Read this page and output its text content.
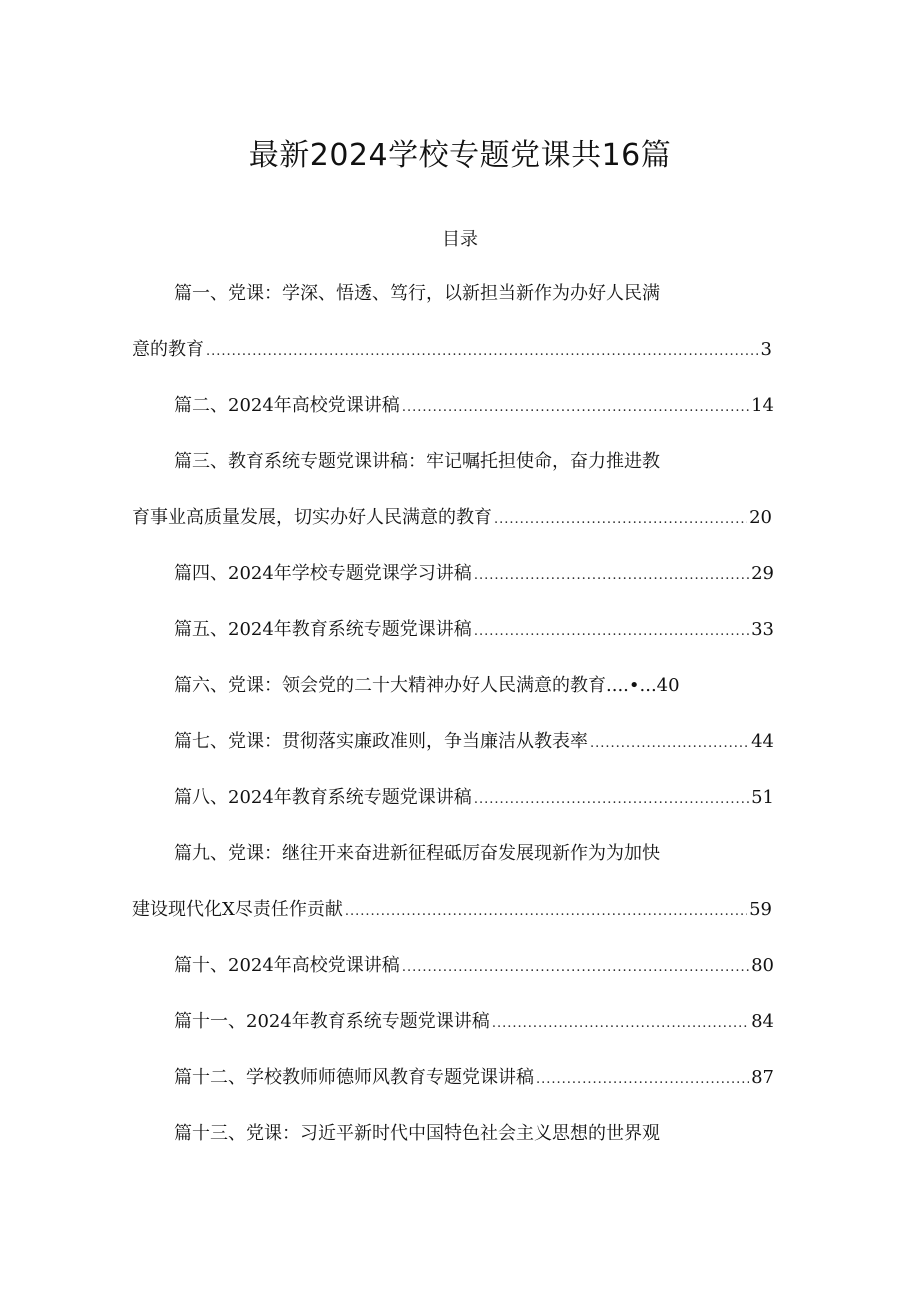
最新2024学校专题党课共16篇
目录
篇一、党课：学深、悟透、笃行，以新担当新作为办好人民满
意的教育 .....	3
篇二、2024年高校党课讲稿 .....	14
篇三、教育系统专题党课讲稿：牢记嘱托担使命，奋力推进教
育事业高质量发展，切实办好人民满意的教育 .....	20
篇四、2024年学校专题党课学习讲稿 .....	29
篇五、2024年教育系统专题党课讲稿 .....	33
篇六、党课：领会党的二十大精神办好人民满意的教育....•...40
篇七、党课：贯彻落实廉政准则，争当廉洁从教表率 .....	44
篇八、2024年教育系统专题党课讲稿 .....	51
篇九、党课：继往开来奋进新征程砥厉奋发展现新作为为加快
建设现代化X尽责任作贡献 .....	59
篇十、2024年高校党课讲稿 .....	80
篇十一、2024年教育系统专题党课讲稿 .....	84
篇十二、学校教师师德师风教育专题党课讲稿 .....	87
篇十三、党课：习近平新时代中国特色社会主义思想的世界观
